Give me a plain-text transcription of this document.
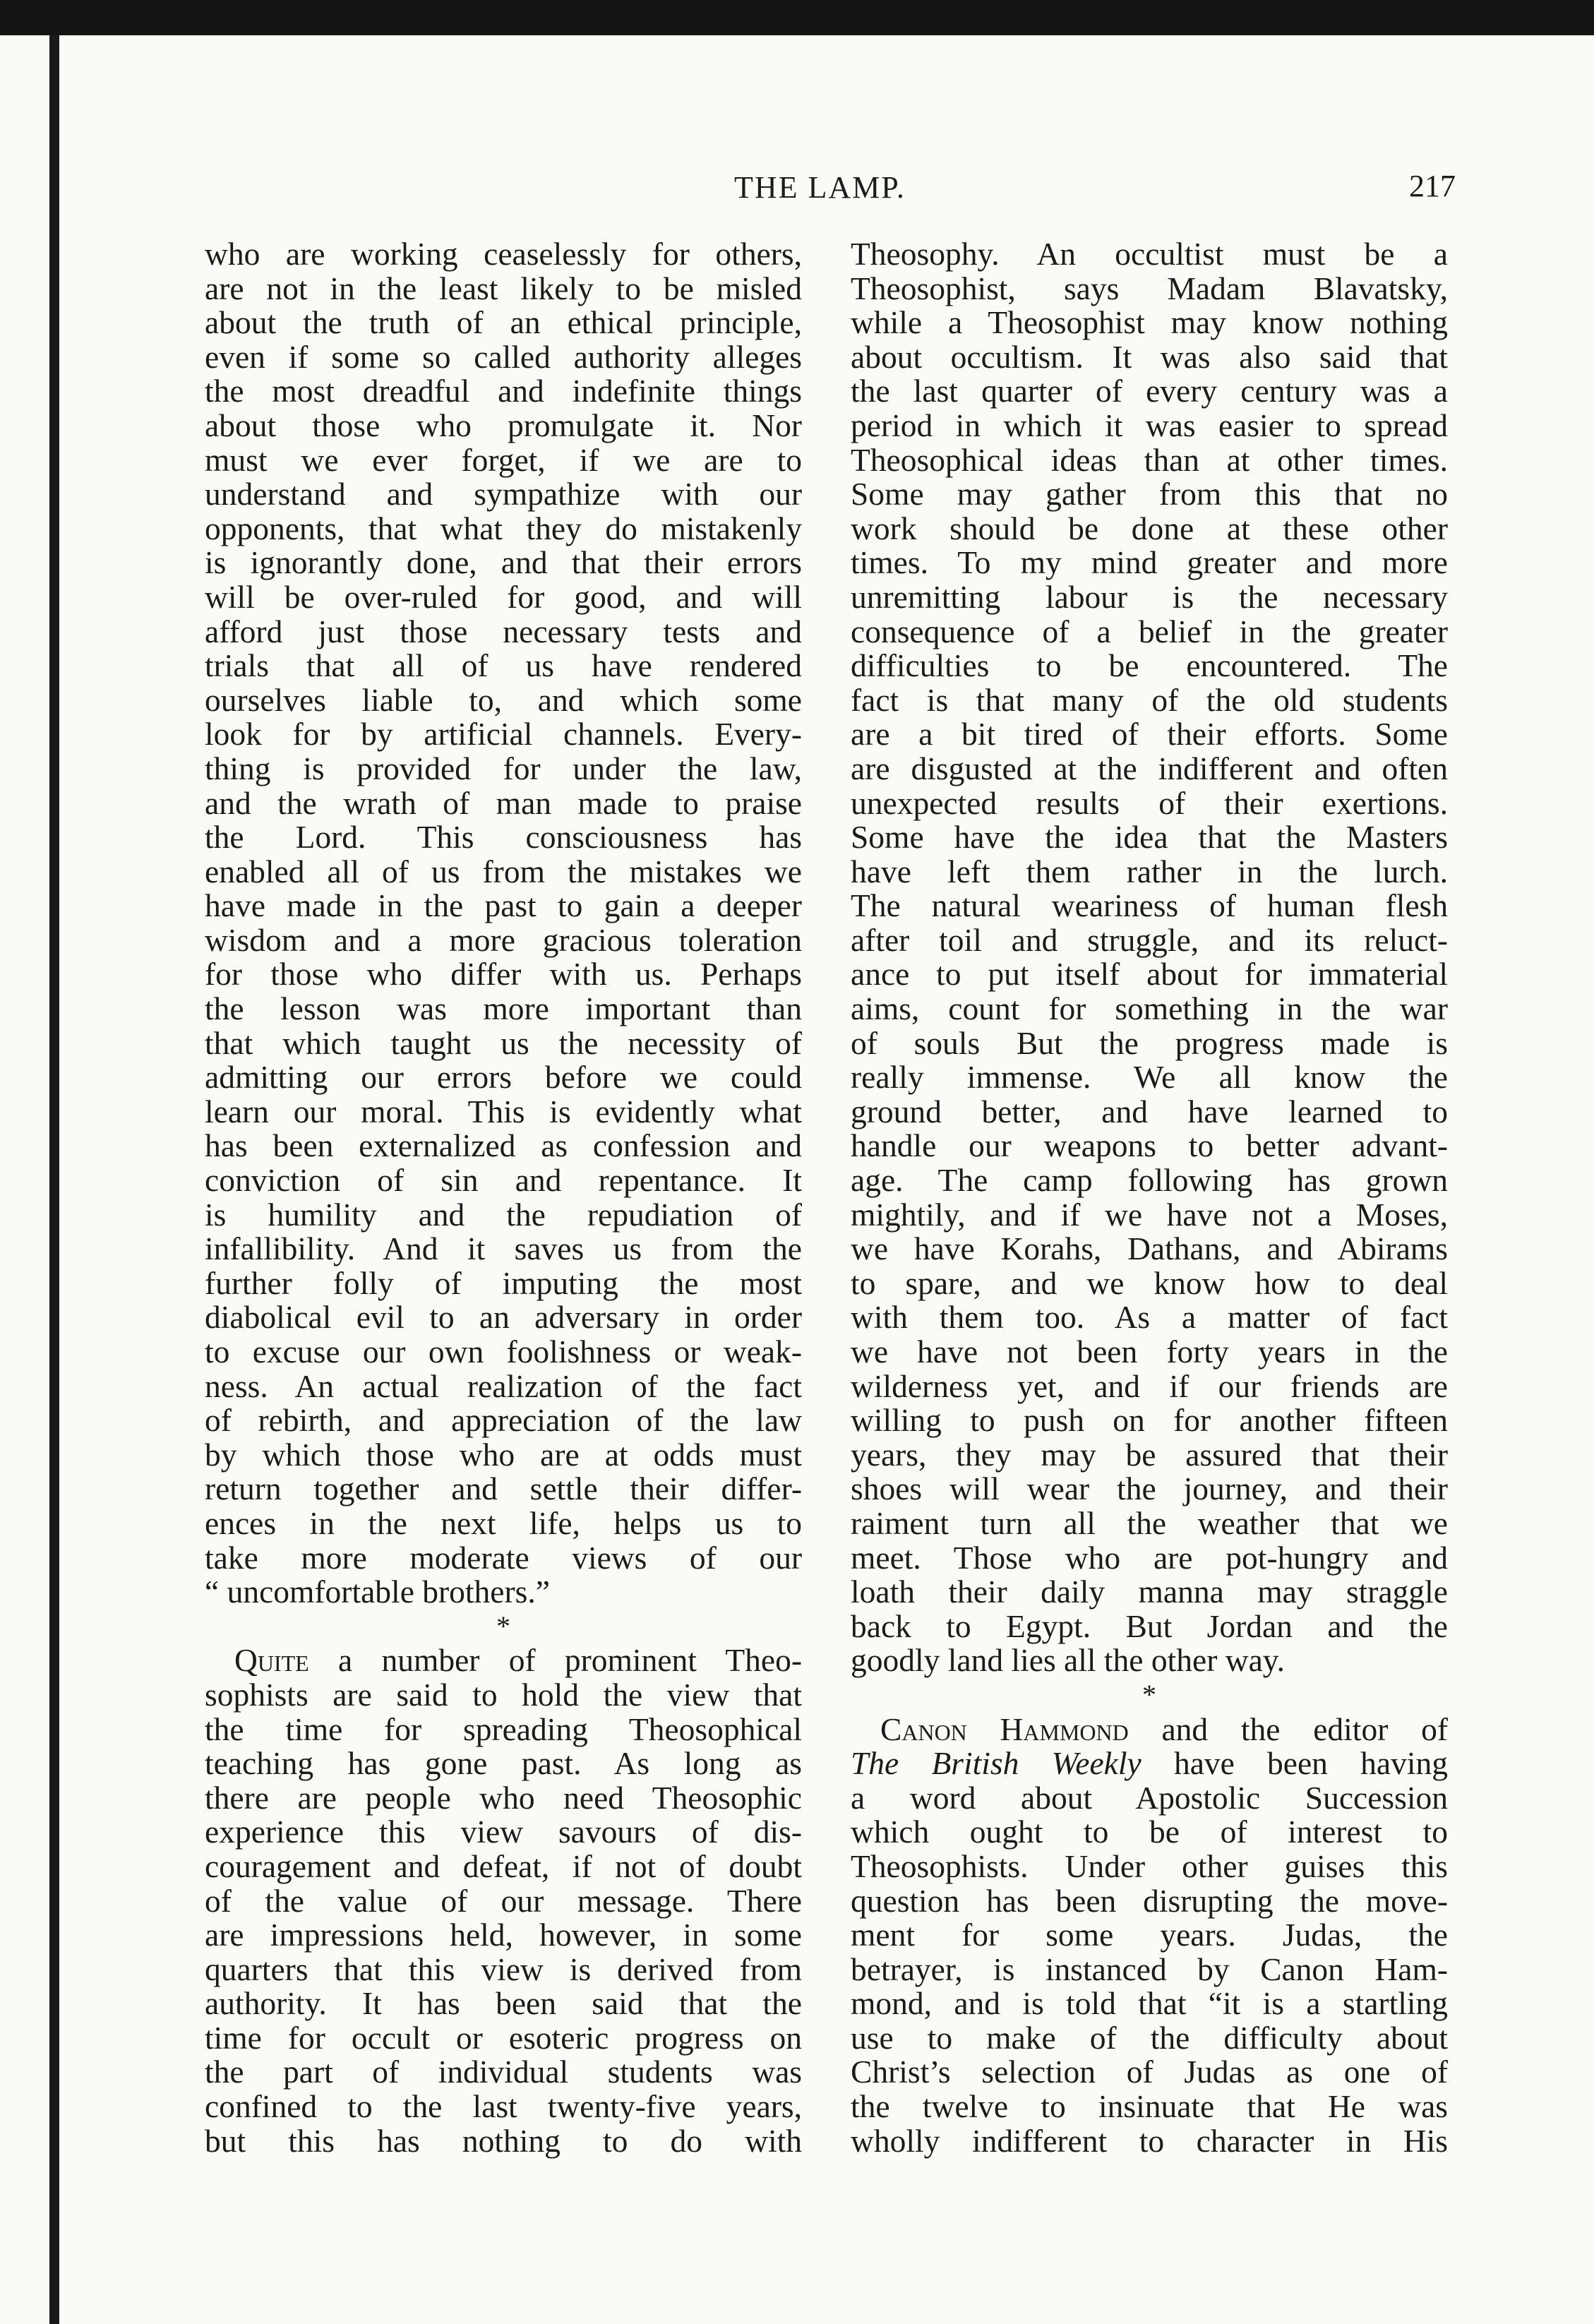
THE LAMP.	217
who are working ceaselessly for others,
are not in the least likely to be misled
about the truth of an ethical principle,
even if some so called authority alleges
the most dreadful and indefinite things
about those who promulgate it. Nor
must we ever forget, if we are to
understand and sympathize with our
opponents, that what they do mistakenly
is ignorantly done, and that their errors
will be over-ruled for good, and will
afford just those necessary tests and
trials that all of us have rendered
ourselves liable to, and which some
look for by artificial channels. Every-
thing is provided for under the law,
and the wrath of man made to praise
the Lord. This consciousness has
enabled all of us from the mistakes we
have made in the past to gain a deeper
wisdom and a more gracious toleration
for those who differ with us. Perhaps
the lesson was more important than
that which taught us the necessity of
admitting our errors before we could
learn our moral. This is evidently what
has been externalized as confession and
conviction of sin and repentance. It
is humility and the repudiation of
infallibility. And it saves us from the
further folly of imputing the most
diabolical evil to an adversary in order
to excuse our own foolishness or weak-
ness. An actual realization of the fact
of rebirth, and appreciation of the law
by which those who are at odds must
return together and settle their differ-
ences in the next life, helps us to
take more moderate views of our
“ uncomfortable brothers.”
*
Quite a number of prominent Theo-
sophists are said to hold the view that
the time for spreading Theosophical
teaching has gone past. As long as
there are people who need Theosophic
experience this view savours of dis-
couragement and defeat, if not of doubt
of the value of our message. There
are impressions held, however, in some
quarters that this view is derived from
authority. It has been said that the
time for occult or esoteric progress on
the part of individual students was
confined to the last twenty-five years,
but this has nothing to do with
Theosophy. An occultist must be a
Theosophist, says Madam Blavatsky,
while a Theosophist may know nothing
about occultism. It was also said that
the last quarter of every century was a
period in which it was easier to spread
Theosophical ideas than at other times.
Some may gather from this that no
work should be done at these other
times. To my mind greater and more
unremitting labour is the necessary
consequence of a belief in the greater
difficulties to be encountered. The
fact is that many of the old students
are a bit tired of their efforts. Some
are disgusted at the indifferent and often
unexpected results of their exertions.
Some have the idea that the Masters
have left them rather in the lurch.
The natural weariness of human flesh
after toil and struggle, and its reluct-
ance to put itself about for immaterial
aims, count for something in the war
of souls But the progress made is
really immense. We all know the
ground better, and have learned to
handle our weapons to better advant-
age. The camp following has grown
mightily, and if we have not a Moses,
we have Korahs, Dathans, and Abirams
to spare, and we know how to deal
with them too. As a matter of fact
we have not been forty years in the
wilderness yet, and if our friends are
willing to push on for another fifteen
years, they may be assured that their
shoes will wear the journey, and their
raiment turn all the weather that we
meet. Those who are pot-hungry and
loath their daily manna may straggle
back to Egypt. But Jordan and the
goodly land lies all the other way.
*
Canon Hammond and the editor of
The British Weekly have been having
a word about Apostolic Succession
which ought to be of interest to
Theosophists. Under other guises this
question has been disrupting the move-
ment for some years. Judas, the
betrayer, is instanced by Canon Ham-
mond, and is told that “it is a startling
use to make of the difficulty about
Christ’s selection of Judas as one of
the twelve to insinuate that He was
wholly indifferent to character in His
